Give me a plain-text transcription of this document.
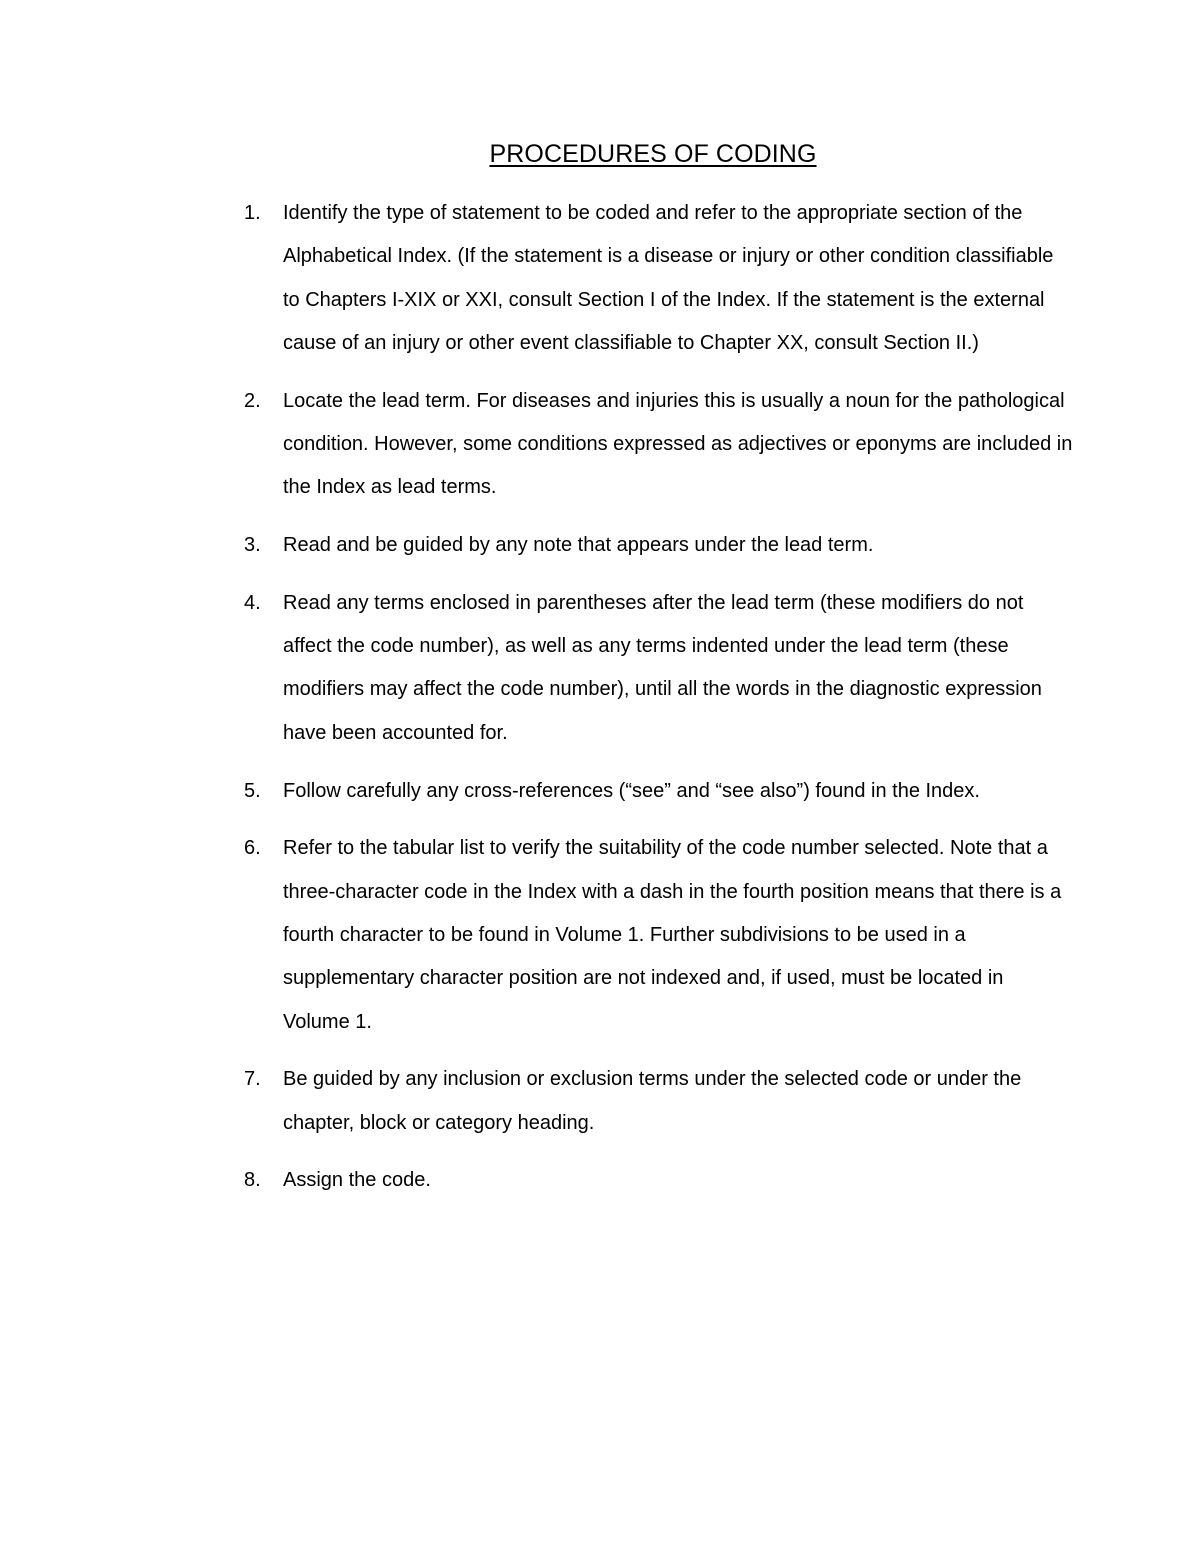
PROCEDURES OF CODING
1. Identify the type of statement to be coded and refer to the appropriate section of the Alphabetical Index. (If the statement is a disease or injury or other condition classifiable to Chapters I-XIX or XXI, consult Section I of the Index. If the statement is the external cause of an injury or other event classifiable to Chapter XX, consult Section II.)
2. Locate the lead term. For diseases and injuries this is usually a noun for the pathological condition. However, some conditions expressed as adjectives or eponyms are included in the Index as lead terms.
3. Read and be guided by any note that appears under the lead term.
4. Read any terms enclosed in parentheses after the lead term (these modifiers do not affect the code number), as well as any terms indented under the lead term (these modifiers may affect the code number), until all the words in the diagnostic expression have been accounted for.
5. Follow carefully any cross-references (“see” and “see also”) found in the Index.
6. Refer to the tabular list to verify the suitability of the code number selected. Note that a three-character code in the Index with a dash in the fourth position means that there is a fourth character to be found in Volume 1. Further subdivisions to be used in a supplementary character position are not indexed and, if used, must be located in Volume 1.
7. Be guided by any inclusion or exclusion terms under the selected code or under the chapter, block or category heading.
8. Assign the code.
